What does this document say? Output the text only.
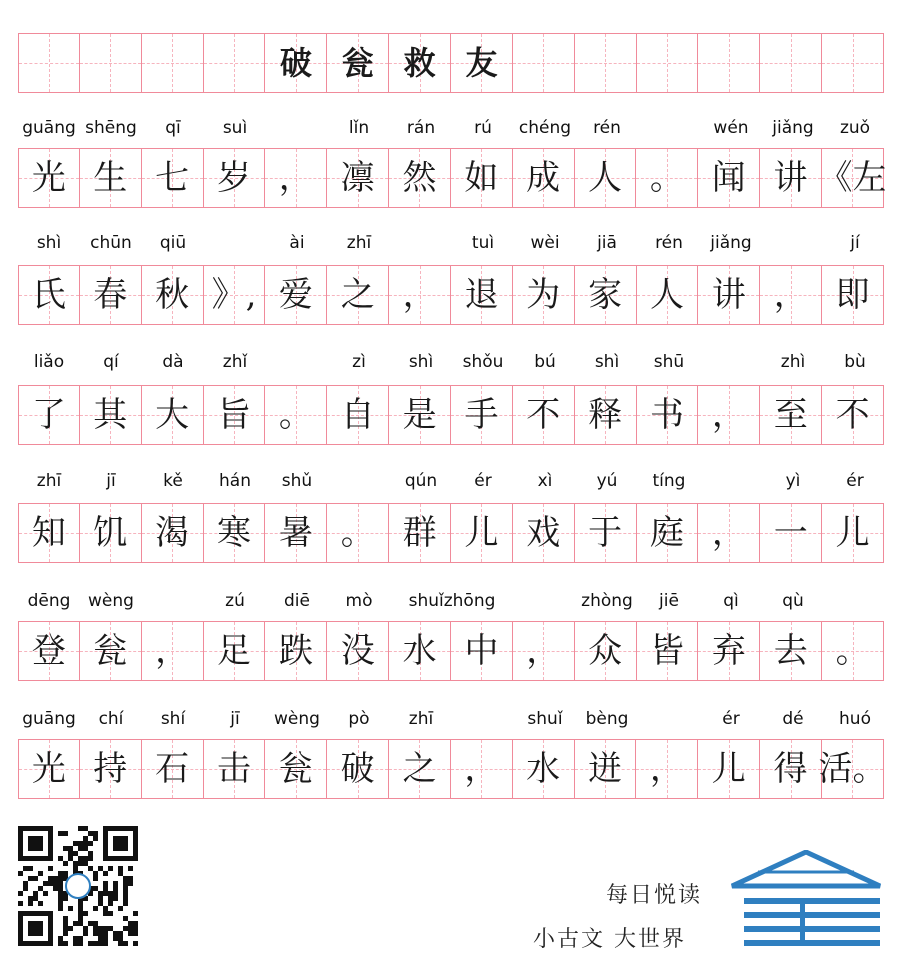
破 瓮 救 友
guāng shēng	qī	suì	lǐn	rán	rú	chéng	rén	wén	jiǎng	zuǒ
光 生 七 岁 ， 凛 然 如 成 人 。 闻 讲 《左
shì	chūn	qiū	ài	zhī	tuì	wèi	jiā	rén	jiǎng	jí
氏 春 秋 》, 爱 之 ， 退 为 家 人 讲 ， 即
liǎo	qí	dà	zhǐ	zì	shì	shǒu	bú	shì	shū	zhì	bù
了 其 大 旨 。 自 是 手 不 释 书 ， 至 不
zhī	jī	kě	hán	shǔ	qún	ér	xì	yú	tíng	yì	ér
知 饥 渴 寒 暑 。 群 儿 戏 于 庭 ， 一 儿
dēng	wèng	zú	diē	mò	shuǐzhōng	zhòng	jiē	qì	qù
登 瓮 ， 足 跌 没 水 中 ， 众 皆 弃 去 。
guāng	chí	shí	jī	wèng	pò	zhī	shuǐ	bèng	ér	dé	huó
光 持 石 击 瓮 破 之 ， 水 迸 ， 儿 得 活。
每日悦读
小古文 大世界
